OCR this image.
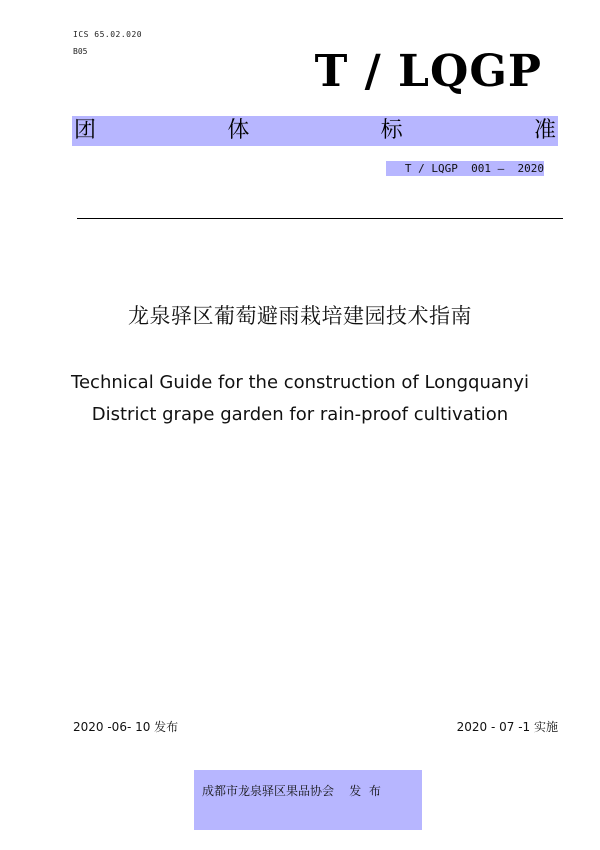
ICS 65.02.020
B05	T / LQGP
团	体	标	准
T / LQGP  001 —  2020
龙泉驿区葡萄避雨栽培建园技术指南
Technical Guide for the construction of Longquanyi
District grape garden for rain-proof cultivation
2020 -06- 10 发布	2020 - 07 -1 实施
成都市龙泉驿区果品协会    发  布
